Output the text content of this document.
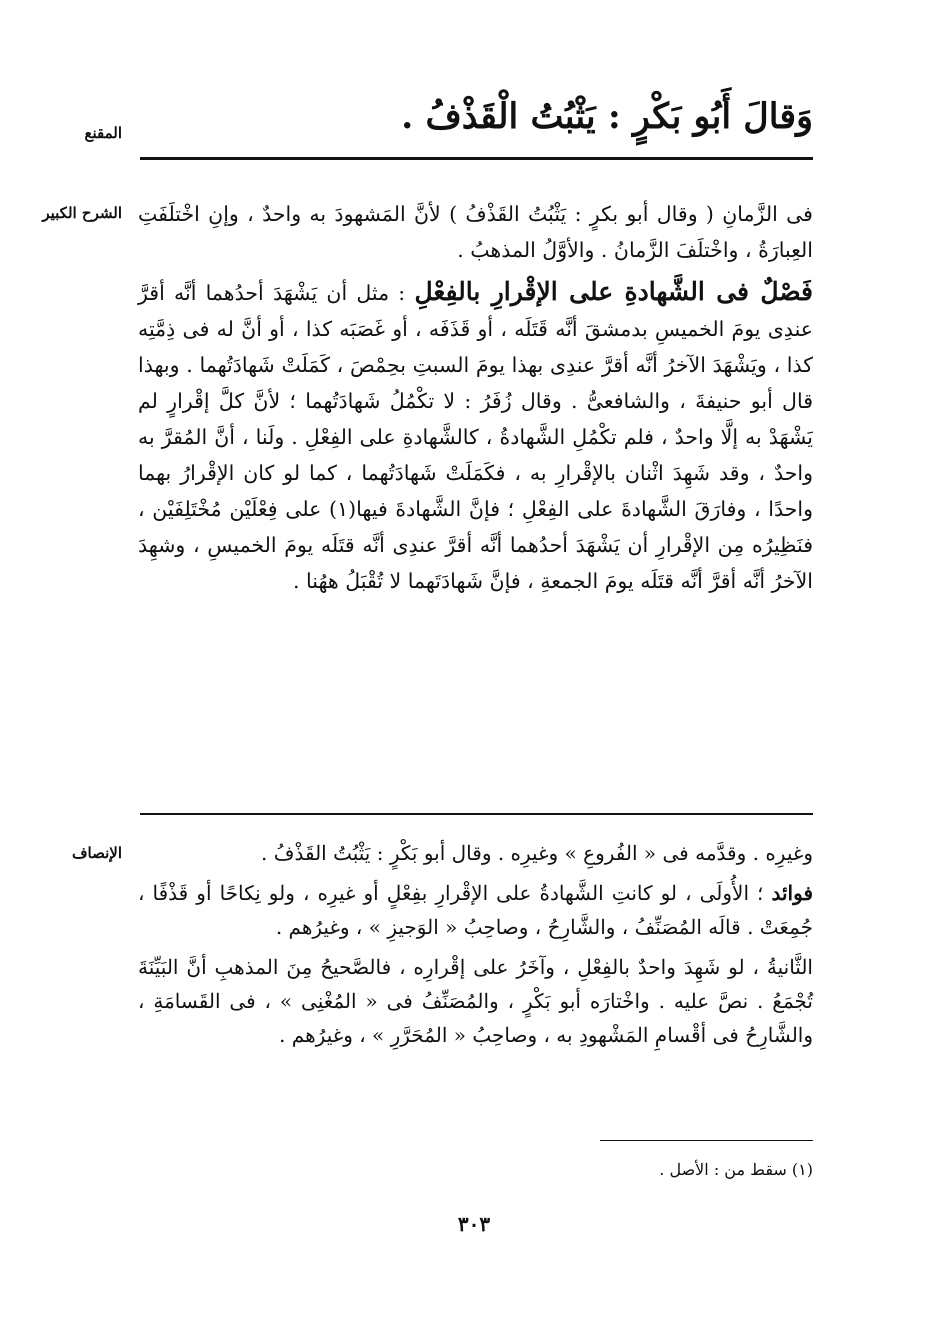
المقنع	وَقالَ أَبُو بَكْرٍ : يَثْبُتُ الْقَذْفُ .
الشرح الكبير فى الزَّمانِ ( وقال أبو بكرٍ : يَثْبُتُ القَذْفُ ) لأنَّ المَشهودَ به واحدٌ ، وإنِ اخْتلَفَتِ العِبارَةُ ، واخْتلَفَ الزَّمانُ . والأوَّلُ المذهبُ .

فَصْلٌ فى الشَّهادةِ على الإقْرارِ بالفِعْلِ : مثل أن يَشْهَدَ أحدُهما أنَّه أقرَّ عندِى يومَ الخميسِ بدمشقَ أنَّه قَتَلَه ، أو قَذَفَه ، أو غَصَبَه كذا ، أو أنَّ له فى ذِمَّتِه كذا ، ويَشْهَدَ الآخرُ أنَّه أقرَّ عندِى بهذا يومَ السبتِ بحِمْصَ ، كَمَلَتْ شَهادَتُهما . وبهذا قال أبو حنيفةَ ، والشافعىُّ . وقال زُفَرُ : لا تكْمُلُ شَهادَتُهما ؛ لأنَّ كلَّ إقْرارٍ لم يَشْهَدْ به إلَّا واحدٌ ، فلم تكْمُلِ الشَّهادةُ ، كالشَّهادةِ على الفِعْلِ . ولَنا ، أنَّ المُقرَّ به واحدٌ ، وقد شَهِدَ اثْنان بالإقْرارِ به ، فكَمَلَتْ شَهادَتُهما ، كما لو كان الإقْرارُ بهما واحدًا ، وفارَقَ الشَّهادةَ على الفِعْلِ ؛ فإنَّ الشَّهادةَ فيها(١) على فِعْلَيْن مُخْتَلِفَيْن ، فنَظِيرُه مِن الإقْرارِ أن يَشْهَدَ أحدُهما أنَّه أقرَّ عندِى أنَّه قتَلَه يومَ الخميسِ ، وشهِدَ الآخرُ أنَّه أقرَّ أنَّه قتَلَه يومَ الجمعةِ ، فإنَّ شَهادَتَهما لا تُقْبَلُ ههُنا .

الإنصاف	وغيرِه . وقدَّمه فى « الفُروعِ » وغيرِه . وقال أبو بَكْرٍ : يَثْبُتُ القَذْفُ .

فوائد ؛ الأُولَى ، لو كانتِ الشَّهادةُ على الإقْرارِ بفِعْلٍ أو غيرِه ، ولو نِكاحًا أو قَذْفًا ، جُمِعَتْ . قالَه المُصَنِّفُ ، والشَّارِحُ ، وصاحِبُ « الوَجيزِ » ، وغيرُهم .

الثَّانيةُ ، لو شَهِدَ واحدٌ بالفِعْلِ ، وآخَرُ على إقْرارِه ، فالصَّحيحُ مِنَ المذهبِ أنَّ البَيِّنَةَ تُجْمَعُ . نصَّ عليه . واخْتارَه أبو بَكْرٍ ، والمُصَنِّفُ فى « المُغْنِى » ، فى القَسامَةِ ، والشَّارِحُ فى أقْسامِ المَشْهودِ به ، وصاحِبُ « المُحَرَّرِ » ، وغيرُهم .

(١) سقط من : الأصل .
٣٠٣
